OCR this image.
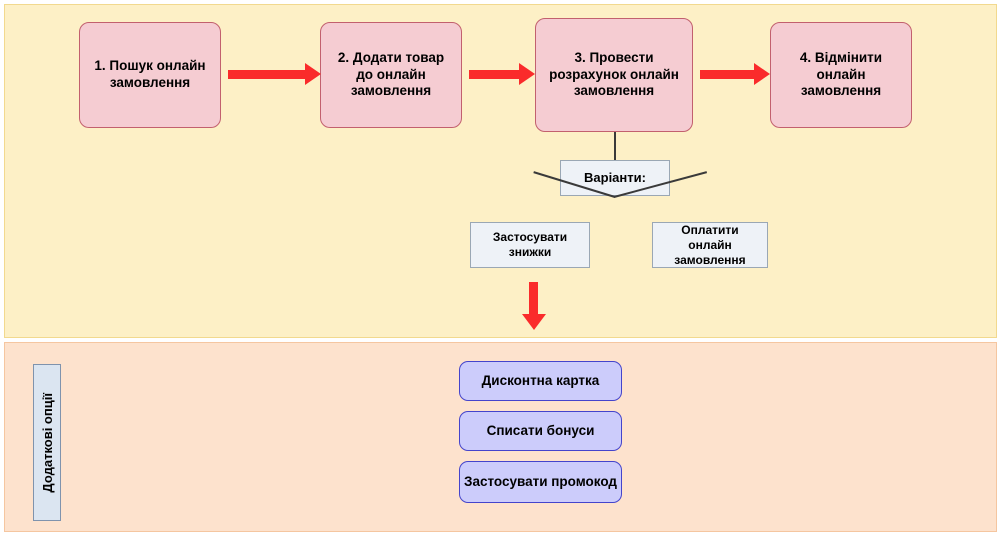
1. Пошук онлайн замовлення
2. Додати товар до онлайн замовлення
3. Провести розрахунок онлайн замовлення
4. Відмінити онлайн замовлення
Варіанти:
Застосувати знижки
Оплатити онлайн замовлення
Додаткові опції
Дисконтна картка
Списати бонуси
Застосувати промокод
